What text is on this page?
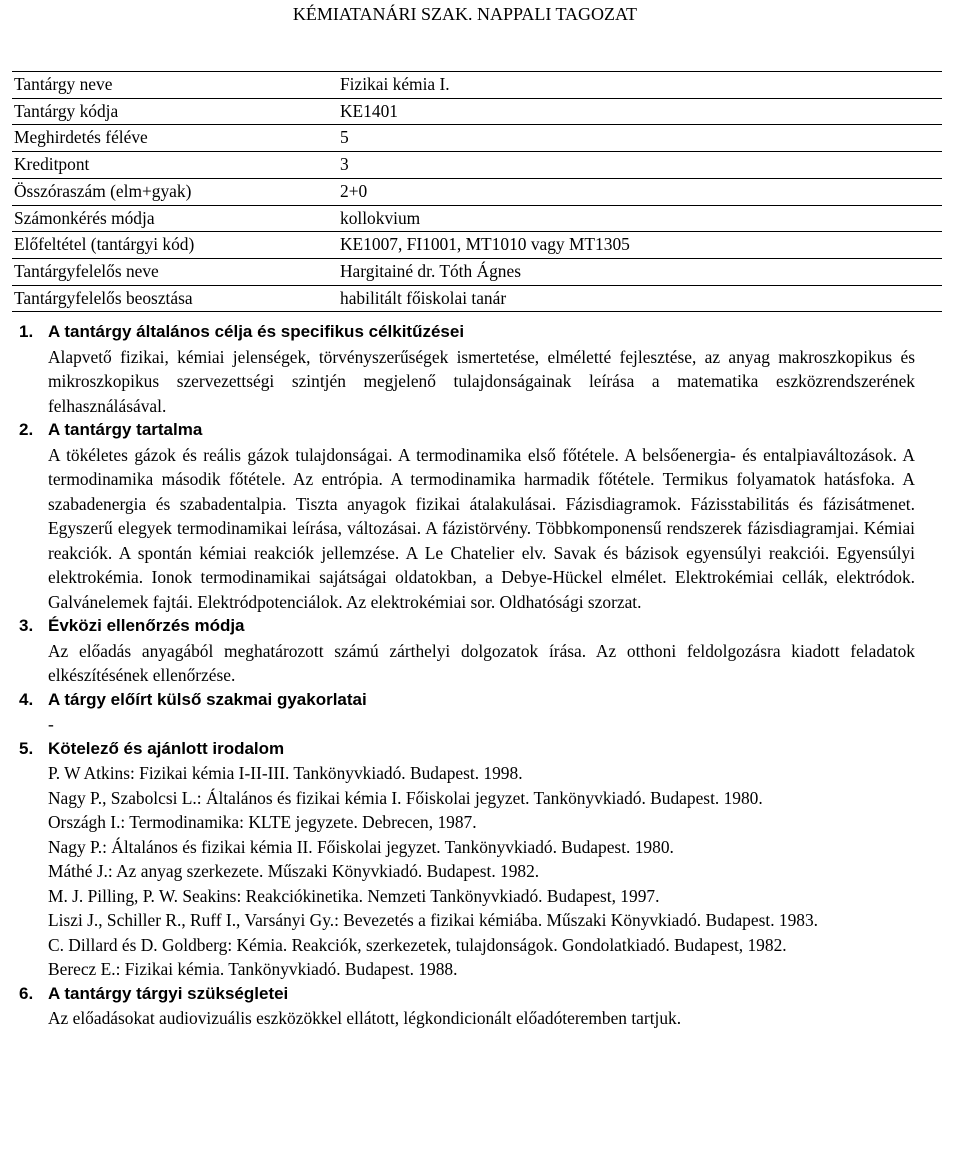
KÉMIATANÁRI SZAK. NAPPALI TAGOZAT
Tantárgy neve	Fizikai kémia I.
Tantárgy kódja	KE1401
Meghirdetés féléve	5
Kreditpont	3
Összóraszám (elm+gyak)	2+0
Számonkérés módja	kollokvium
Előfeltétel (tantárgyi kód)	KE1007, FI1001, MT1010 vagy MT1305
Tantárgyfelelős neve	Hargitainé dr. Tóth Ágnes
Tantárgyfelelős beosztása	habilitált főiskolai tanár
1. A tantárgy általános célja és specifikus célkitűzései
Alapvető fizikai, kémiai jelenségek, törvényszerűségek ismertetése, elméletté fejlesztése, az anyag makroszkopikus és mikroszkopikus szervezettségi szintjén megjelenő tulajdonságainak leírása a matematika eszközrendszerének felhasználásával.
2. A tantárgy tartalma
A tökéletes gázok és reális gázok tulajdonságai. A termodinamika első főtétele. A belsőenergia- és entalpiaváltozások. A termodinamika második főtétele. Az entrópia. A termodinamika harmadik főtétele. Termikus folyamatok hatásfoka. A szabadenergia és szabadentalpia. Tiszta anyagok fizikai átalakulásai. Fázisdiagramok. Fázisstabilitás és fázisátmenet. Egyszerű elegyek termodinamikai leírása, változásai. A fázistörvény. Többkomponensű rendszerek fázisdiagramjai. Kémiai reakciók. A spontán kémiai reakciók jellemzése. A Le Chatelier elv. Savak és bázisok egyensúlyi reakciói. Egyensúlyi elektrokémia. Ionok termodinamikai sajátságai oldatokban, a Debye-Hückel elmélet. Elektrokémiai cellák, elektródok. Galvánelemek fajtái. Elektródpotenciálok. Az elektrokémiai sor. Oldhatósági szorzat.
3. Évközi ellenőrzés módja
Az előadás anyagából meghatározott számú zárthelyi dolgozatok írása. Az otthoni feldolgozásra kiadott feladatok elkészítésének ellenőrzése.
4. A tárgy előírt külső szakmai gyakorlatai
-
5. Kötelező és ajánlott irodalom
P. W Atkins: Fizikai kémia I-II-III. Tankönyvkiadó. Budapest. 1998.
Nagy P., Szabolcsi L.: Általános és fizikai kémia I. Főiskolai jegyzet. Tankönyvkiadó. Budapest. 1980.
Országh I.: Termodinamika: KLTE jegyzete. Debrecen, 1987.
Nagy P.: Általános és fizikai kémia II. Főiskolai jegyzet. Tankönyvkiadó. Budapest. 1980.
Máthé J.: Az anyag szerkezete. Műszaki Könyvkiadó. Budapest. 1982.
M. J. Pilling, P. W. Seakins: Reakciókinetika. Nemzeti Tankönyvkiadó. Budapest, 1997.
Liszi J., Schiller R., Ruff I., Varsányi Gy.: Bevezetés a fizikai kémiába. Műszaki Könyvkiadó. Budapest. 1983.
C. Dillard és D. Goldberg: Kémia. Reakciók, szerkezetek, tulajdonságok. Gondolatkiadó. Budapest, 1982.
Berecz E.: Fizikai kémia. Tankönyvkiadó. Budapest. 1988.
6. A tantárgy tárgyi szükségletei
Az előadásokat audiovizuális eszközökkel ellátott, légkondicionált előadóteremben tartjuk.
